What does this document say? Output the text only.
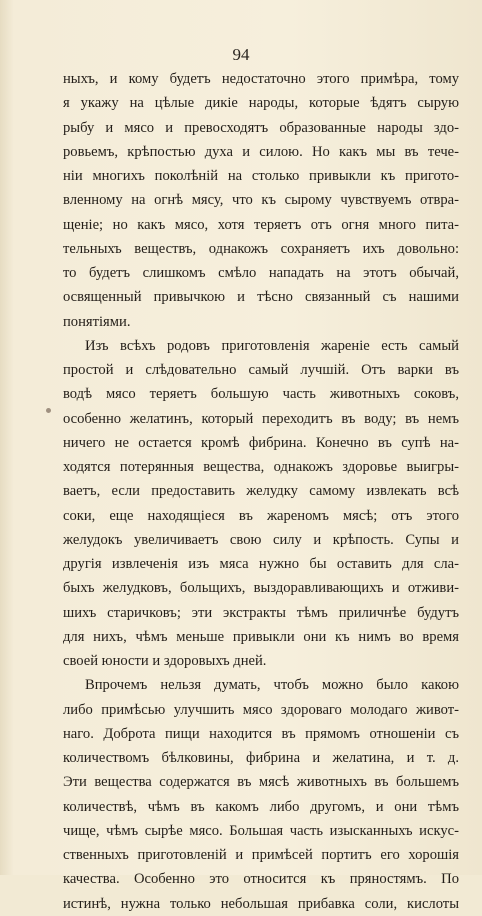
94
ныхъ, и кому будетъ недостаточно этого примѣра, тому
я укажу на цѣлые дикіе народы, которые ѣдятъ сырую
рыбу и мясо и превосходятъ образованные народы здо-
ровьемъ, крѣпостью духа и силою. Но какъ мы въ тече-
ніи многихъ поколѣній на столько привыкли къ пригото-
вленному на огнѣ мясу, что къ сырому чувствуемъ отвра-
щеніе; но какъ мясо, хотя теряетъ отъ огня много пита-
тельныхъ веществъ, однакожъ сохраняетъ ихъ довольно:
то будетъ слишкомъ смѣло нападать на этотъ обычай,
освященный привычкою и тѣсно связанный съ нашими
понятіями.
Изъ всѣхъ родовъ приготовленія жареніе есть самый
простой и слѣдовательно самый лучшій. Отъ варки въ
водѣ мясо теряетъ большую часть животныхъ соковъ,
особенно желатинъ, который переходитъ въ воду; въ немъ
ничего не остается кромѣ фибрина. Конечно въ супѣ на-
ходятся потерянныя вещества, однакожъ здоровье выигры-
ваетъ, если предоставить желудку самому извлекать всѣ
соки, еще находящіеся въ жареномъ мясѣ; отъ этого
желудокъ увеличиваетъ свою силу и крѣпость. Супы и
другія извлеченія изъ мяса нужно бы оставить для сла-
быхъ желудковъ, больщихъ, выздоравливающихъ и отживи-
шихъ старичковъ; эти экстракты тѣмъ приличнѣе будутъ
для нихъ, чѣмъ меньше привыкли они къ нимъ во время
своей юности и здоровыхъ дней.
Впрочемъ нельзя думать, чтобъ можно было какою
либо примѣсью улучшить мясо здороваго молодаго живот-
наго. Доброта пищи находится въ прямомъ отношеніи съ
количествомъ бѣлковины, фибрина и желатина, и т. д.
Эти вещества содержатся въ мясѣ животныхъ въ большемъ
количествѣ, чѣмъ въ какомъ либо другомъ, и они тѣмъ
чище, чѣмъ сырѣе мясо. Большая часть изысканныхъ искус-
ственныхъ приготовленій и примѣсей портитъ его хорошія
качества. Особенно это относится къ пряностямъ. По
истинѣ, нужна только небольшая прибавка соли, кислоты
